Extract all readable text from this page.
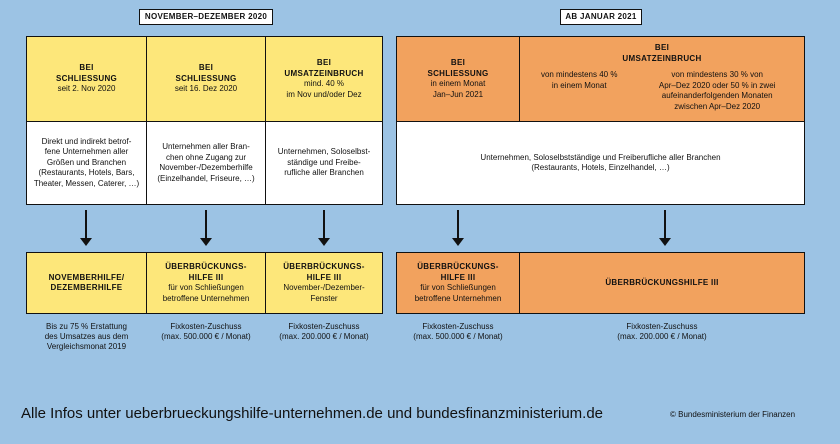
NOVEMBER–DEZEMBER 2020	AB JANUAR 2021
BEI
SCHLIESSUNG
seit 2. Nov 2020
BEI
SCHLIESSUNG
seit 16. Dez 2020
BEI
UMSATZEINBRUCH
mind. 40 %
im Nov und/oder Dez
BEI
SCHLIESSUNG
in einem Monat
Jan–Jun 2021
BEI
UMSATZEINBRUCH
von mindestens 40 %
in einem Monat
von mindestens 30 % von
Apr–Dez 2020 oder 50 % in zwei
aufeinanderfolgenden Monaten
zwischen Apr–Dez 2020
Direkt und indirekt betrof-
fene Unternehmen aller
Größen und Branchen
(Restaurants, Hotels, Bars,
Theater, Messen, Caterer, …)
Unternehmen aller Bran-
chen ohne Zugang zur
November-/Dezemberhilfe
(Einzelhandel, Friseure, …)
Unternehmen, Soloselbst-
ständige und Freibe-
rufliche aller Branchen
Unternehmen, Soloselbstständige und Freiberufliche aller Branchen
(Restaurants, Hotels, Einzelhandel, …)
NOVEMBERHILFE/
DEZEMBERHILFE
ÜBERBRÜCKUNGS-
HILFE III
für von Schließungen
betroffene Unternehmen
ÜBERBRÜCKUNGS-
HILFE III
November-/Dezember-
Fenster
ÜBERBRÜCKUNGS-
HILFE III
für von Schließungen
betroffene Unternehmen
ÜBERBRÜCKUNGSHILFE III
Bis zu 75 % Erstattung
des Umsatzes aus dem
Vergleichsmonat 2019
Fixkosten-Zuschuss
(max. 500.000 € / Monat)
Fixkosten-Zuschuss
(max. 200.000 € / Monat)
Fixkosten-Zuschuss
(max. 500.000 € / Monat)
Fixkosten-Zuschuss
(max. 200.000 € / Monat)
Alle Infos unter ueberbrueckungshilfe-unternehmen.de und bundesfinanzministerium.de	© Bundesministerium der Finanzen
